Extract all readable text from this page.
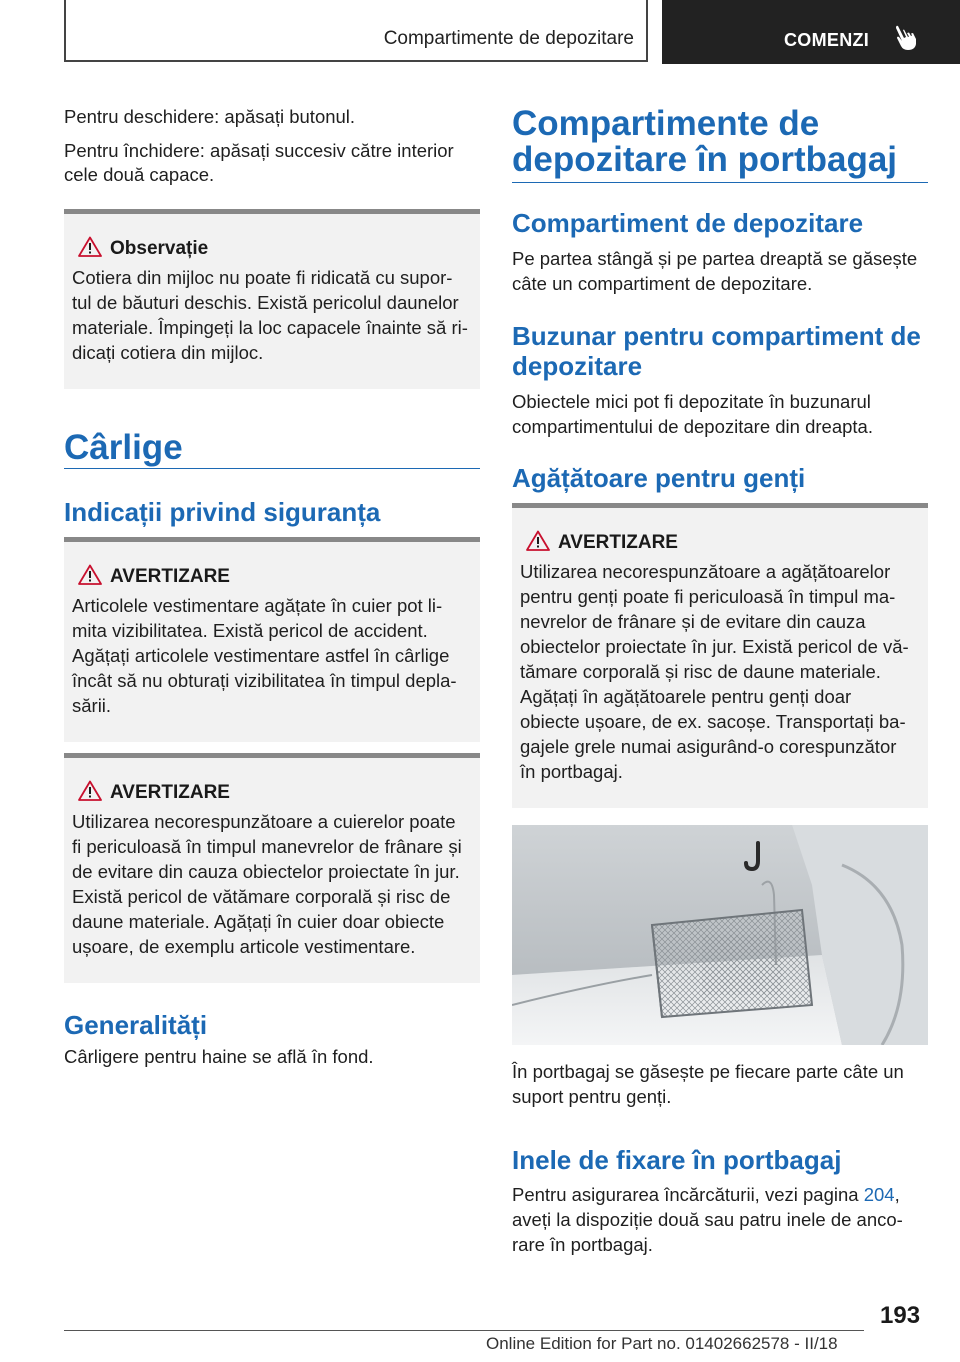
Compartimente de depozitare	COMENZI

Pentru deschidere: apăsați butonul.

Pentru închidere: apăsați succesiv către interior

cele două capace.

Observație

Cotiera din mijloc nu poate fi ridicată cu supor‐

tul de băuturi deschis. Există pericolul daunelor

materiale. Împingeți la loc capacele înainte să ri‐

dicați cotiera din mijloc.

Cârlige
Indicații privind siguranța
AVERTIZARE

Articolele vestimentare agățate în cuier pot li‐

mita vizibilitatea. Există pericol de accident.

Agățați articolele vestimentare astfel în cârlige

încât să nu obturați vizibilitatea în timpul depla‐

sării.

AVERTIZARE

Utilizarea necorespunzătoare a cuierelor poate

fi periculoasă în timpul manevrelor de frânare și

de evitare din cauza obiectelor proiectate în jur.

Există pericol de vătămare corporală și risc de

daune materiale. Agățați în cuier doar obiecte

ușoare, de exemplu articole vestimentare.

Generalități

Cârligere pentru haine se află în fond.

Compartimente de
depozitare în portbagaj
Compartiment de depozitare

Pe partea stângă și pe partea dreaptă se găsește

câte un compartiment de depozitare.

Buzunar pentru compartiment de
depozitare

Obiectele mici pot fi depozitate în buzunarul

compartimentului de depozitare din dreapta.

Agățătoare pentru genți
AVERTIZARE

Utilizarea necorespunzătoare a agățătoarelor

pentru genți poate fi periculoasă în timpul ma‐

nevrelor de frânare și de evitare din cauza

obiectelor proiectate în jur. Există pericol de vă‐

tămare corporală și risc de daune materiale.

Agățați în agățătoarele pentru genți doar

obiecte ușoare, de ex. sacoșe. Transportați ba‐

gajele grele numai asigurând-o corespunzător

în portbagaj.

În portbagaj se găsește pe fiecare parte câte un

suport pentru genți.

Inele de fixare în portbagaj

Pentru asigurarea încărcăturii, vezi pagina 204,

aveți la dispoziție două sau patru inele de anco‐

rare în portbagaj.

193
Online Edition for Part no. 01402662578 - II/18
